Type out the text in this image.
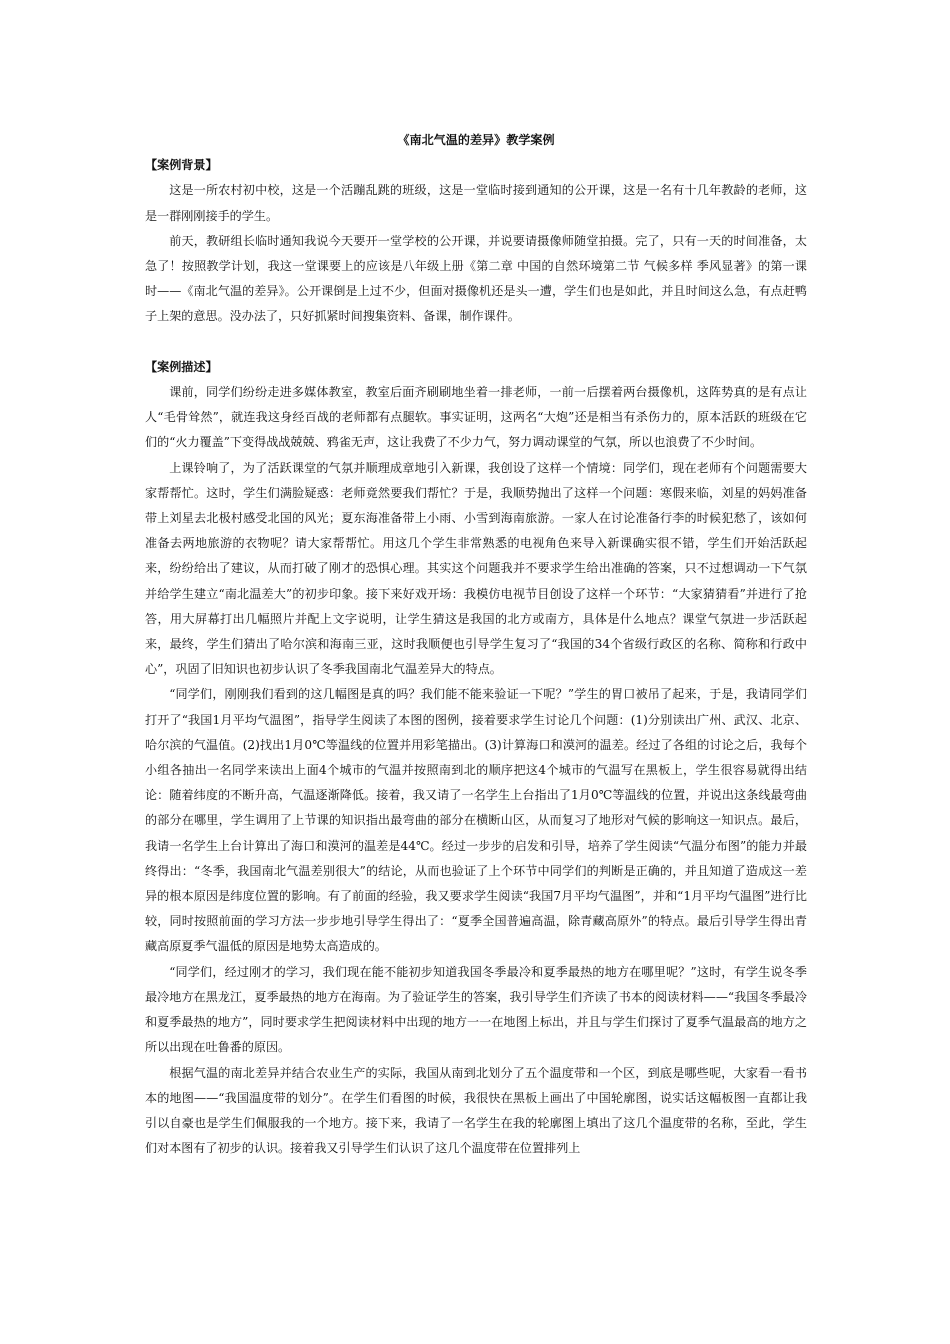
《南北气温的差异》教学案例

【案例背景】

这是一所农村初中校，这是一个活蹦乱跳的班级，这是一堂临时接到通知的公开课，这是一名有十几年教龄的老师，这是一群刚刚接手的学生。

前天，教研组长临时通知我说今天要开一堂学校的公开课，并说要请摄像师随堂拍摄。完了，只有一天的时间准备，太急了！按照教学计划，我这一堂课要上的应该是八年级上册《第二章 中国的自然环境第二节 气候多样 季风显著》的第一课时——《南北气温的差异》。公开课倒是上过不少，但面对摄像机还是头一遭，学生们也是如此，并且时间这么急，有点赶鸭子上架的意思。没办法了，只好抓紧时间搜集资料、备课，制作课件。

【案例描述】

课前，同学们纷纷走进多媒体教室，教室后面齐刷刷地坐着一排老师，一前一后摆着两台摄像机，这阵势真的是有点让人“毛骨耸然”，就连我这身经百战的老师都有点腿软。事实证明，这两名“大炮”还是相当有杀伤力的，原本活跃的班级在它们的“火力覆盖”下变得战战兢兢、鸦雀无声，这让我费了不少力气，努力调动课堂的气氛，所以也浪费了不少时间。

上课铃响了，为了活跃课堂的气氛并顺理成章地引入新课，我创设了这样一个情境：同学们，现在老师有个问题需要大家帮帮忙。这时，学生们满脸疑惑：老师竟然要我们帮忙？于是，我顺势抛出了这样一个问题：寒假来临，刘星的妈妈准备带上刘星去北极村感受北国的风光；夏东海准备带上小雨、小雪到海南旅游。一家人在讨论准备行李的时候犯愁了，该如何准备去两地旅游的衣物呢？请大家帮帮忙。用这几个学生非常熟悉的电视角色来导入新课确实很不错，学生们开始活跃起来，纷纷给出了建议，从而打破了刚才的恐惧心理。其实这个问题我并不要求学生给出准确的答案，只不过想调动一下气氛并给学生建立“南北温差大”的初步印象。接下来好戏开场：我模仿电视节目创设了这样一个环节：“大家猜猜看”并进行了抢答，用大屏幕打出几幅照片并配上文字说明，让学生猜这是我国的北方或南方，具体是什么地点？课堂气氛进一步活跃起来，最终，学生们猜出了哈尔滨和海南三亚，这时我顺便也引导学生复习了“我国的34个省级行政区的名称、简称和行政中心”，巩固了旧知识也初步认识了冬季我国南北气温差异大的特点。

“同学们，刚刚我们看到的这几幅图是真的吗？我们能不能来验证一下呢？”学生的胃口被吊了起来，于是，我请同学们打开了“我国1月平均气温图”，指导学生阅读了本图的图例，接着要求学生讨论几个问题：(1)分别读出广州、武汉、北京、哈尔滨的气温值。(2)找出1月0℃等温线的位置并用彩笔描出。(3)计算海口和漠河的温差。经过了各组的讨论之后，我每个小组各抽出一名同学来读出上面4个城市的气温并按照南到北的顺序把这4个城市的气温写在黑板上，学生很容易就得出结论：随着纬度的不断升高，气温逐渐降低。接着，我又请了一名学生上台指出了1月0℃等温线的位置，并说出这条线最弯曲的部分在哪里，学生调用了上节课的知识指出最弯曲的部分在横断山区，从而复习了地形对气候的影响这一知识点。最后，我请一名学生上台计算出了海口和漠河的温差是44℃。经过一步步的启发和引导，培养了学生阅读“气温分布图”的能力并最终得出：“冬季，我国南北气温差别很大”的结论，从而也验证了上个环节中同学们的判断是正确的，并且知道了造成这一差异的根本原因是纬度位置的影响。有了前面的经验，我又要求学生阅读“我国7月平均气温图”，并和“1月平均气温图”进行比较，同时按照前面的学习方法一步步地引导学生得出了：“夏季全国普遍高温，除青藏高原外”的特点。最后引导学生得出青藏高原夏季气温低的原因是地势太高造成的。

“同学们，经过刚才的学习，我们现在能不能初步知道我国冬季最冷和夏季最热的地方在哪里呢？”这时，有学生说冬季最冷地方在黑龙江，夏季最热的地方在海南。为了验证学生的答案，我引导学生们齐读了书本的阅读材料——“我国冬季最冷和夏季最热的地方”，同时要求学生把阅读材料中出现的地方一一在地图上标出，并且与学生们探讨了夏季气温最高的地方之所以出现在吐鲁番的原因。

根据气温的南北差异并结合农业生产的实际，我国从南到北划分了五个温度带和一个区，到底是哪些呢，大家看一看书本的地图——“我国温度带的划分”。在学生们看图的时候，我很快在黑板上画出了中国轮廓图，说实话这幅板图一直都让我引以自豪也是学生们佩服我的一个地方。接下来，我请了一名学生在我的轮廓图上填出了这几个温度带的名称，至此，学生们对本图有了初步的认识。接着我又引导学生们认识了这几个温度带在位置排列上
